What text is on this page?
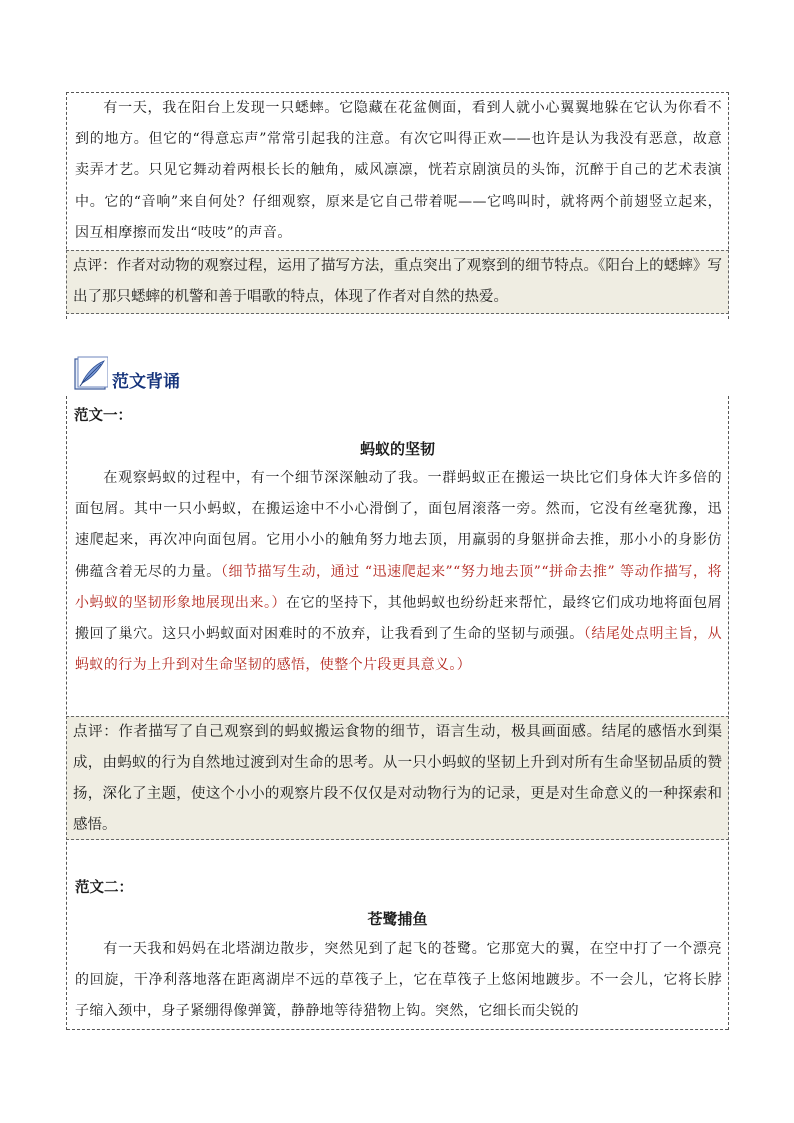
有一天，我在阳台上发现一只蟋蟀。它隐藏在花盆侧面，看到人就小心翼翼地躲在它认为你看不到的地方。但它的“得意忘声”常常引起我的注意。有次它叫得正欢——也许是认为我没有恶意，故意卖弄才艺。只见它舞动着两根长长的触角，威风凛凛，恍若京剧演员的头饰，沉醉于自己的艺术表演中。它的“音响”来自何处？仔细观察，原来是它自己带着呢——它鸣叫时，就将两个前翅竖立起来，因互相摩擦而发出“吱吱”的声音。
点评：作者对动物的观察过程，运用了描写方法，重点突出了观察到的细节特点。《阳台上的蟋蟀》写出了那只蟋蟀的机警和善于唱歌的特点，体现了作者对自然的热爱。
范文背诵
范文一：
蚂蚁的坚韧
在观察蚂蚁的过程中，有一个细节深深触动了我。一群蚂蚁正在搬运一块比它们身体大许多倍的面包屑。其中一只小蚂蚁，在搬运途中不小心滑倒了，面包屑滚落一旁。然而，它没有丝毫犹豫，迅速爬起来，再次冲向面包屑。它用小小的触角努力地去顶，用羸弱的身躯拼命去推，那小小的身影仿佛蕴含着无尽的力量。（细节描写生动，通过 “迅速爬起来”“努力地去顶”“拼命去推” 等动作描写，将小蚂蚁的坚韧形象地展现出来。）在它的坚持下，其他蚂蚁也纷纷赶来帮忙，最终它们成功地将面包屑搬回了巢穴。这只小蚂蚁面对困难时的不放弃，让我看到了生命的坚韧与顽强。（结尾处点明主旨，从蚂蚁的行为上升到对生命坚韧的感悟，使整个片段更具意义。）
点评：作者描写了自己观察到的蚂蚁搬运食物的细节，语言生动，极具画面感。结尾的感悟水到渠成，由蚂蚁的行为自然地过渡到对生命的思考。从一只小蚂蚁的坚韧上升到对所有生命坚韧品质的赞扬，深化了主题，使这个小小的观察片段不仅仅是对动物行为的记录，更是对生命意义的一种探索和感悟。
范文二：
苍鹭捕鱼
有一天我和妈妈在北塔湖边散步，突然见到了起飞的苍鹭。它那宽大的翼，在空中打了一个漂亮的回旋，干净利落地落在距离湖岸不远的草筏子上，它在草筏子上悠闲地踱步。不一会儿，它将长脖子缩入颈中，身子紧绷得像弹簧，静静地等待猎物上钩。突然，它细长而尖锐的
